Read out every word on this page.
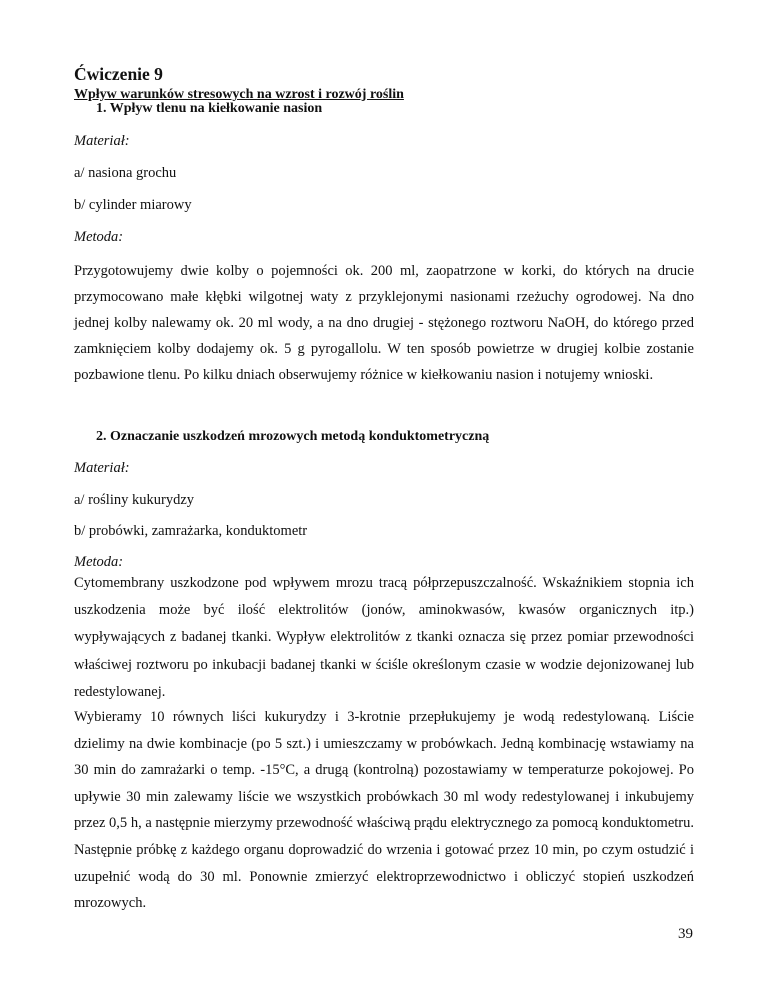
Ćwiczenie 9
Wpływ warunków stresowych na wzrost i rozwój roślin
1. Wpływ tlenu na kiełkowanie nasion
Materiał:
a/ nasiona grochu
b/ cylinder miarowy
Metoda:
Przygotowujemy dwie kolby o pojemności ok. 200 ml, zaopatrzone w korki, do których na drucie przymocowano małe kłębki wilgotnej waty z przyklejonymi nasionami rzeżuchy ogrodowej. Na dno jednej kolby nalewamy ok. 20 ml wody, a na dno drugiej - stężonego roztworu NaOH, do którego przed zamknięciem kolby dodajemy ok. 5 g pyrogallolu. W ten sposób powietrze w drugiej kolbie zostanie pozbawione tlenu. Po kilku dniach obserwujemy różnice w kiełkowaniu nasion i notujemy wnioski.
2. Oznaczanie uszkodzeń mrozowych metodą konduktometryczną
Materiał:
a/ rośliny kukurydzy
b/ probówki, zamrażarka, konduktometr
Metoda:
Cytomembrany uszkodzone pod wpływem mrozu tracą półprzepuszczalność. Wskaźnikiem stopnia ich uszkodzenia może być ilość elektrolitów (jonów, aminokwasów, kwasów organicznych itp.) wypływających z badanej tkanki. Wypływ elektrolitów z tkanki oznacza się przez pomiar przewodności właściwej roztworu po inkubacji badanej tkanki w ściśle określonym czasie w wodzie dejonizowanej lub redestylowanej.
Wybieramy 10 równych liści kukurydzy i 3-krotnie przepłukujemy je wodą redestylowaną. Liście dzielimy na dwie kombinacje (po 5 szt.) i umieszczamy w probówkach. Jedną kombinację wstawiamy na 30 min do zamrażarki o temp. -15°C, a drugą (kontrolną) pozostawiamy w temperaturze pokojowej. Po upływie 30 min zalewamy liście we wszystkich probówkach 30 ml wody redestylowanej i inkubujemy przez 0,5 h, a następnie mierzymy przewodność właściwą prądu elektrycznego za pomocą konduktometru. Następnie próbkę z każdego organu doprowadzić do wrzenia i gotować przez 10 min, po czym ostudzić i uzupełnić wodą do 30 ml. Ponownie zmierzyć elektroprzewodnictwo i obliczyć stopień uszkodzeń mrozowych.
39
